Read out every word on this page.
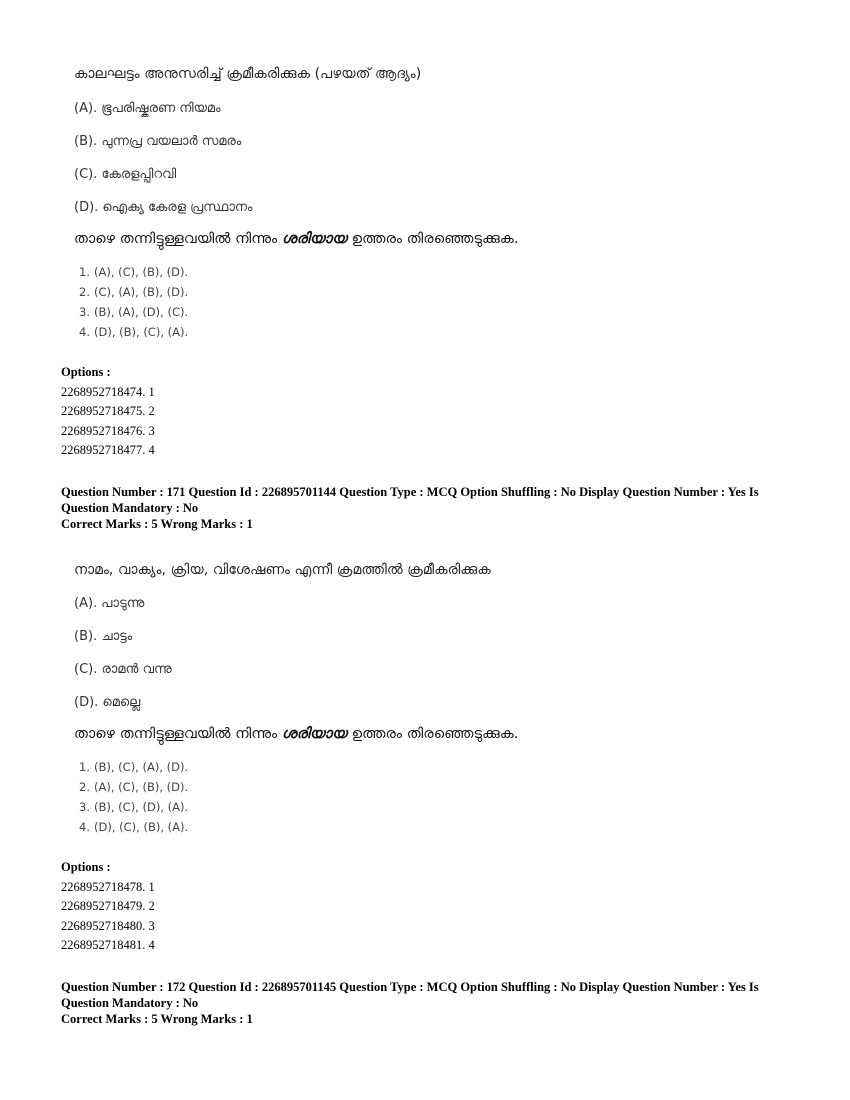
കാലഘട്ടം അനുസരിച്ച് ക്രമീകരിക്കുക (പഴയത് ആദ്യം)
(A). ഭൂപരിഷ്കരണ നിയമം
(B). പുന്നപ്ര വയലാർ സമരം
(C). കേരളപ്പിറവി
(D). ഐക്യ കേരള പ്രസ്ഥാനം
താഴെ തന്നിട്ടുള്ളവയിൽ നിന്നും ശരിയായ ഉത്തരം തിരഞ്ഞെടുക്കുക.
1. (A), (C), (B), (D).
2. (C), (A), (B), (D).
3. (B), (A), (D), (C).
4. (D), (B), (C), (A).
Options :
2268952718474. 1
2268952718475. 2
2268952718476. 3
2268952718477. 4
Question Number : 171 Question Id : 226895701144 Question Type : MCQ Option Shuffling : No Display Question Number : Yes Is Question Mandatory : No
Correct Marks : 5 Wrong Marks : 1
നാമം, വാക്യം, ക്രിയ, വിശേഷണം എന്നീ ക്രമത്തിൽ ക്രമീകരിക്കുക
(A). പാടുന്നു
(B). ചാട്ടം
(C). രാമൻ വന്നു
(D). മെല്ലെ
താഴെ തന്നിട്ടുള്ളവയിൽ നിന്നും ശരിയായ ഉത്തരം തിരഞ്ഞെടുക്കുക.
1. (B), (C), (A), (D).
2. (A), (C), (B), (D).
3. (B), (C), (D), (A).
4. (D), (C), (B), (A).
Options :
2268952718478. 1
2268952718479. 2
2268952718480. 3
2268952718481. 4
Question Number : 172 Question Id : 226895701145 Question Type : MCQ Option Shuffling : No Display Question Number : Yes Is Question Mandatory : No
Correct Marks : 5 Wrong Marks : 1
